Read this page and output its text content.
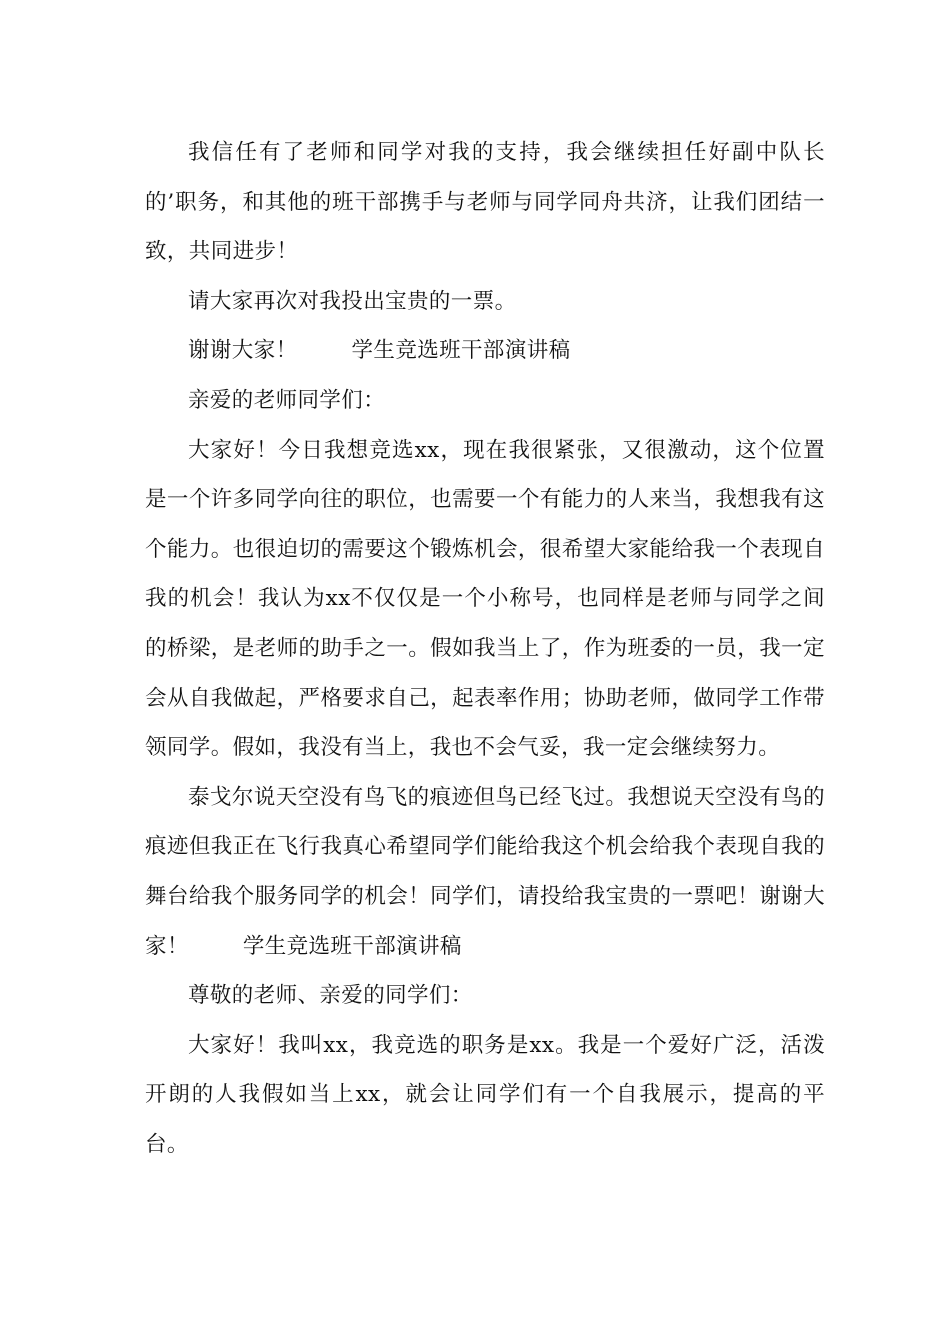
我信任有了老师和同学对我的支持，我会继续担任好副中队长的’职务，和其他的班干部携手与老师与同学同舟共济，让我们团结一致，共同进步！

请大家再次对我投出宝贵的一票。

谢谢大家！	学生竞选班干部演讲稿

亲爱的老师同学们：

大家好！今日我想竞选xx，现在我很紧张，又很激动，这个位置是一个许多同学向往的职位，也需要一个有能力的人来当，我想我有这个能力。也很迫切的需要这个锻炼机会，很希望大家能给我一个表现自我的机会！我认为xx不仅仅是一个小称号，也同样是老师与同学之间的桥梁，是老师的助手之一。假如我当上了，作为班委的一员，我一定会从自我做起，严格要求自己，起表率作用；协助老师，做同学工作带领同学。假如，我没有当上，我也不会气妥，我一定会继续努力。

泰戈尔说天空没有鸟飞的痕迹但鸟已经飞过。我想说天空没有鸟的痕迹但我正在飞行我真心希望同学们能给我这个机会给我个表现自我的舞台给我个服务同学的机会！同学们，请投给我宝贵的一票吧！谢谢大家！	学生竞选班干部演讲稿

尊敬的老师、亲爱的同学们：

大家好！我叫xx，我竞选的职务是xx。我是一个爱好广泛，活泼开朗的人我假如当上xx，就会让同学们有一个自我展示，提高的平台。
